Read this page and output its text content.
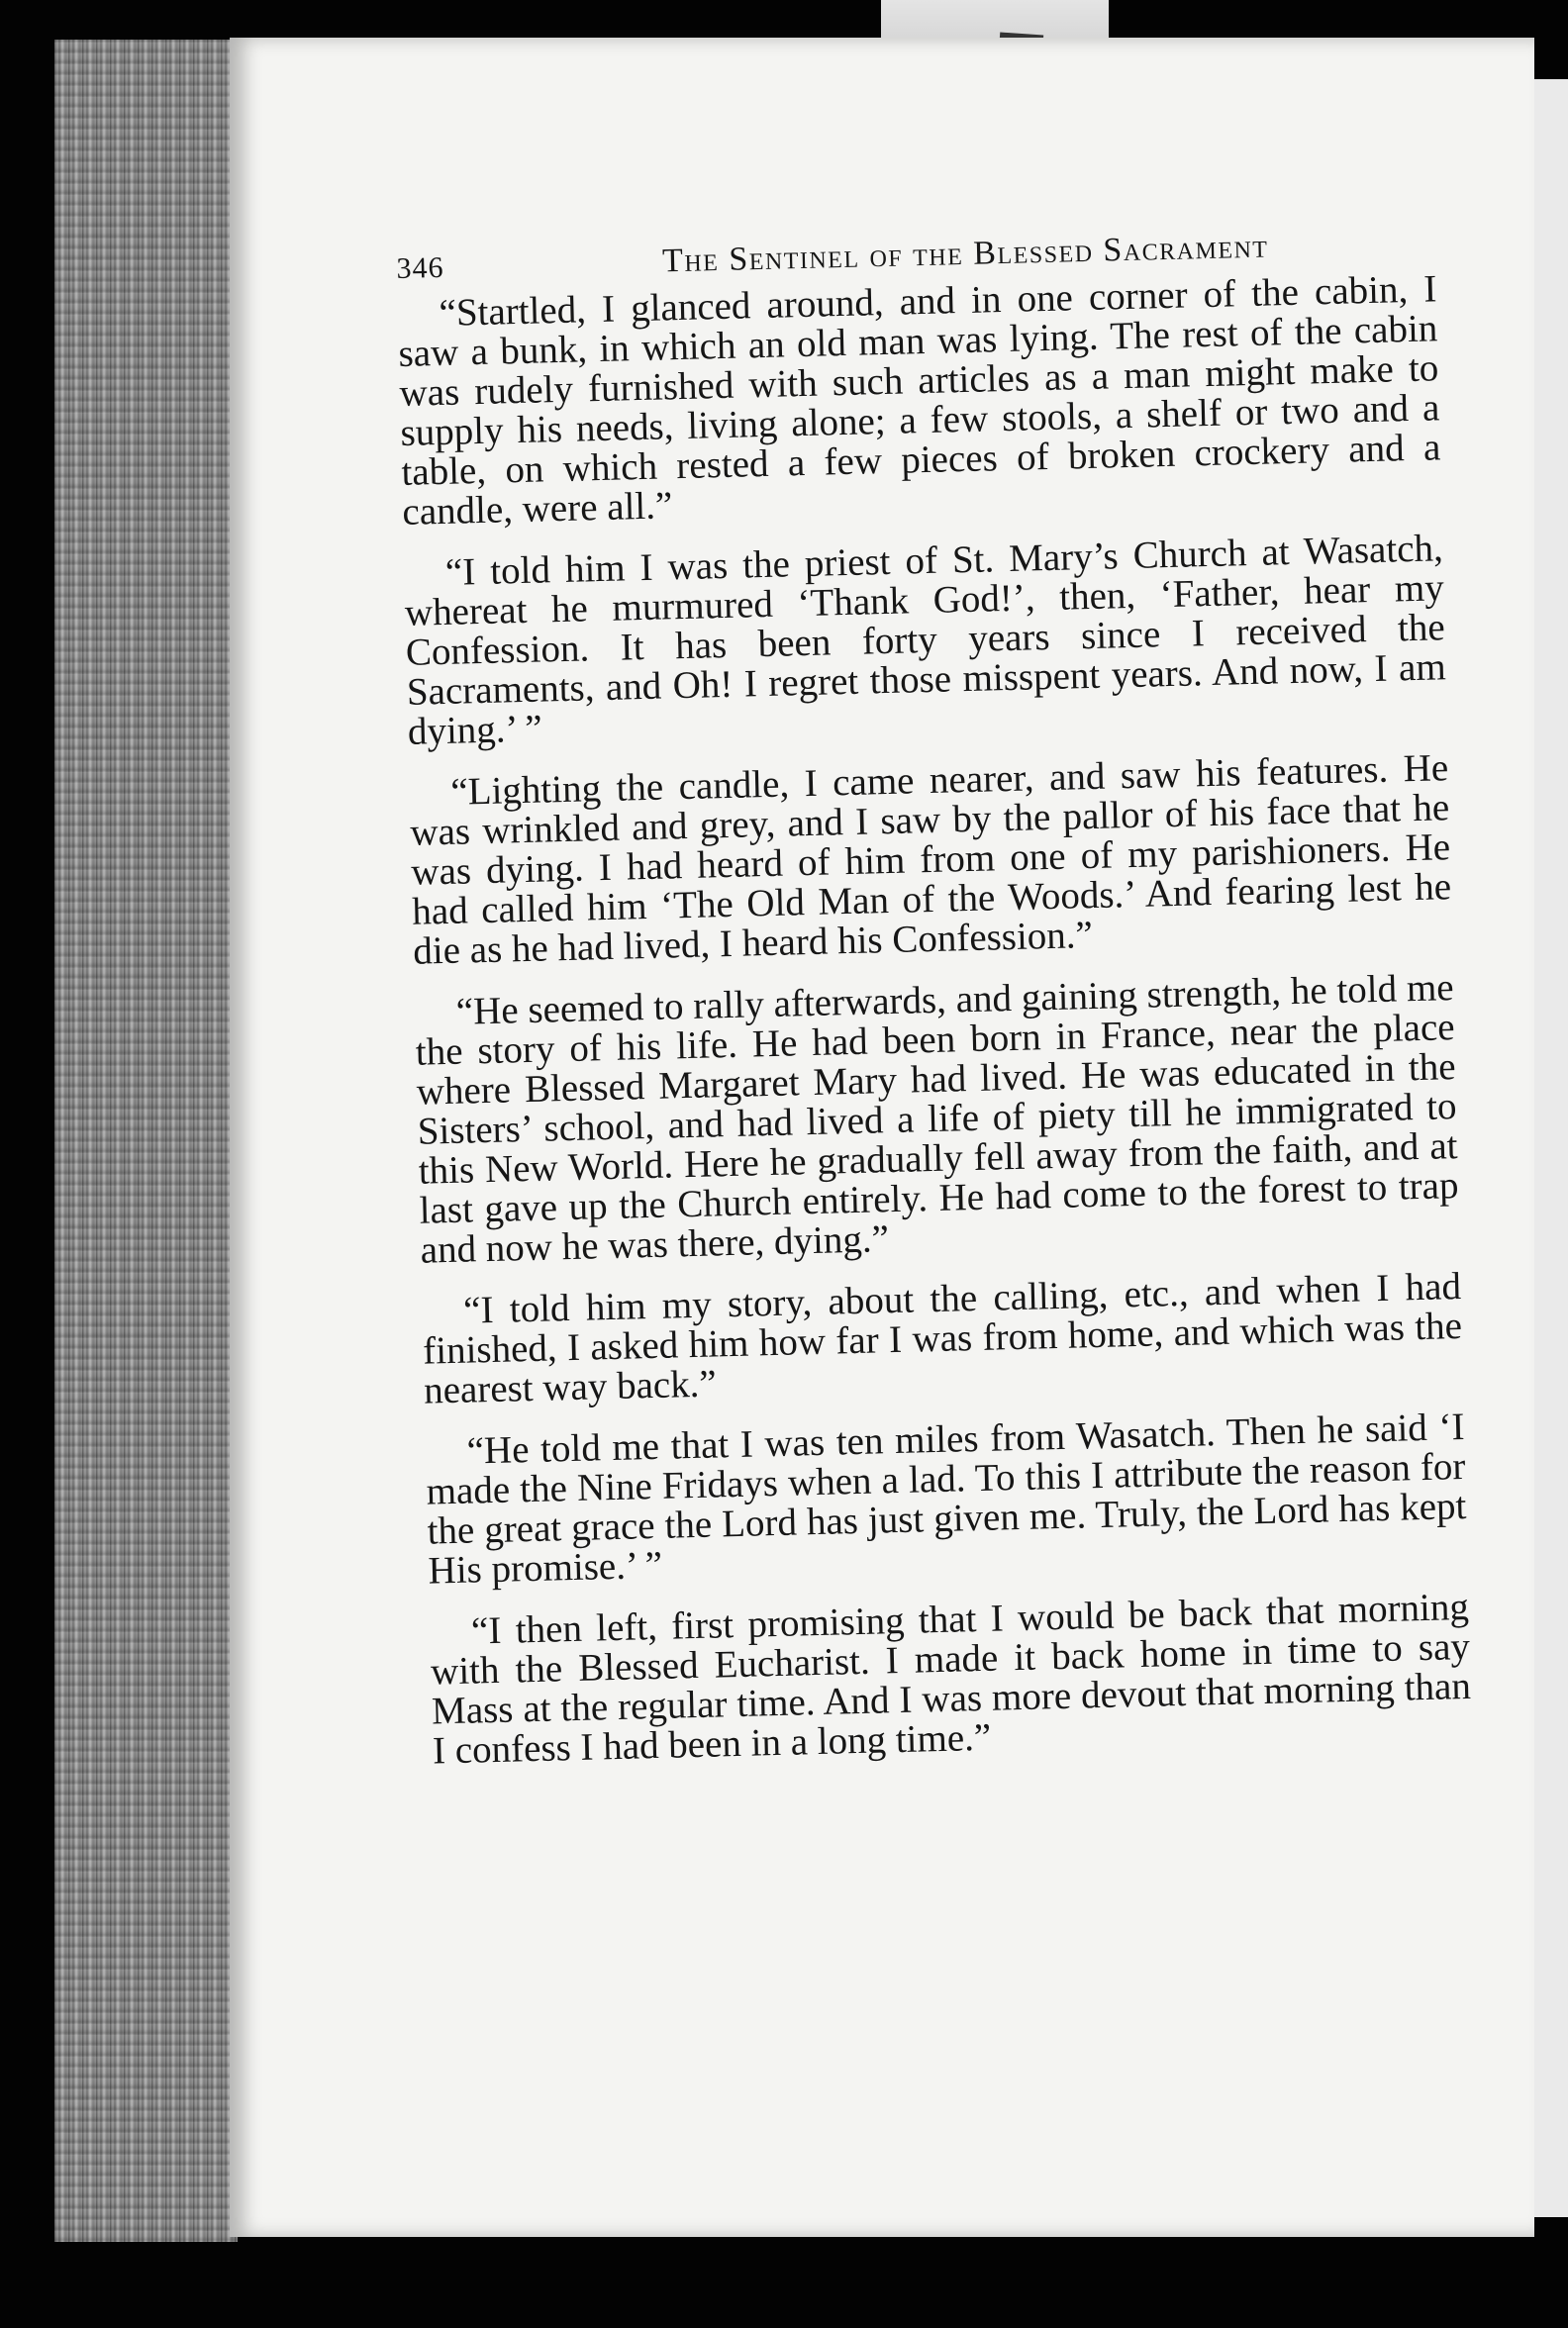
346	The Sentinel of the Blessed Sacrament

“Startled, I glanced around, and in one corner of the cabin, I saw a bunk, in which an old man was lying. The rest of the cabin was rudely furnished with such articles as a man might make to supply his needs, living alone; a few stools, a shelf or two and a table, on which rested a few pieces of broken crockery and a candle, were all.”

“I told him I was the priest of St. Mary’s Church at Wasatch, whereat he murmured ‘Thank God!’, then, ‘Father, hear my Confession. It has been forty years since I received the Sacraments, and Oh! I regret those misspent years. And now, I am dying.’ ”

“Lighting the candle, I came nearer, and saw his features. He was wrinkled and grey, and I saw by the pallor of his face that he was dying. I had heard of him from one of my parishioners. He had called him ‘The Old Man of the Woods.’ And fearing lest he die as he had lived, I heard his Confession.”

“He seemed to rally afterwards, and gaining strength, he told me the story of his life. He had been born in France, near the place where Blessed Margaret Mary had lived. He was educated in the Sisters’ school, and had lived a life of piety till he immigrated to this New World. Here he gradually fell away from the faith, and at last gave up the Church entirely. He had come to the forest to trap and now he was there, dying.”

“I told him my story, about the calling, etc., and when I had finished, I asked him how far I was from home, and which was the nearest way back.”

“He told me that I was ten miles from Wasatch. Then he said ‘I made the Nine Fridays when a lad. To this I attribute the reason for the great grace the Lord has just given me. Truly, the Lord has kept His promise.’ ”

“I then left, first promising that I would be back that morning with the Blessed Eucharist. I made it back home in time to say Mass at the regular time. And I was more devout that morning than I confess I had been in a long time.”
